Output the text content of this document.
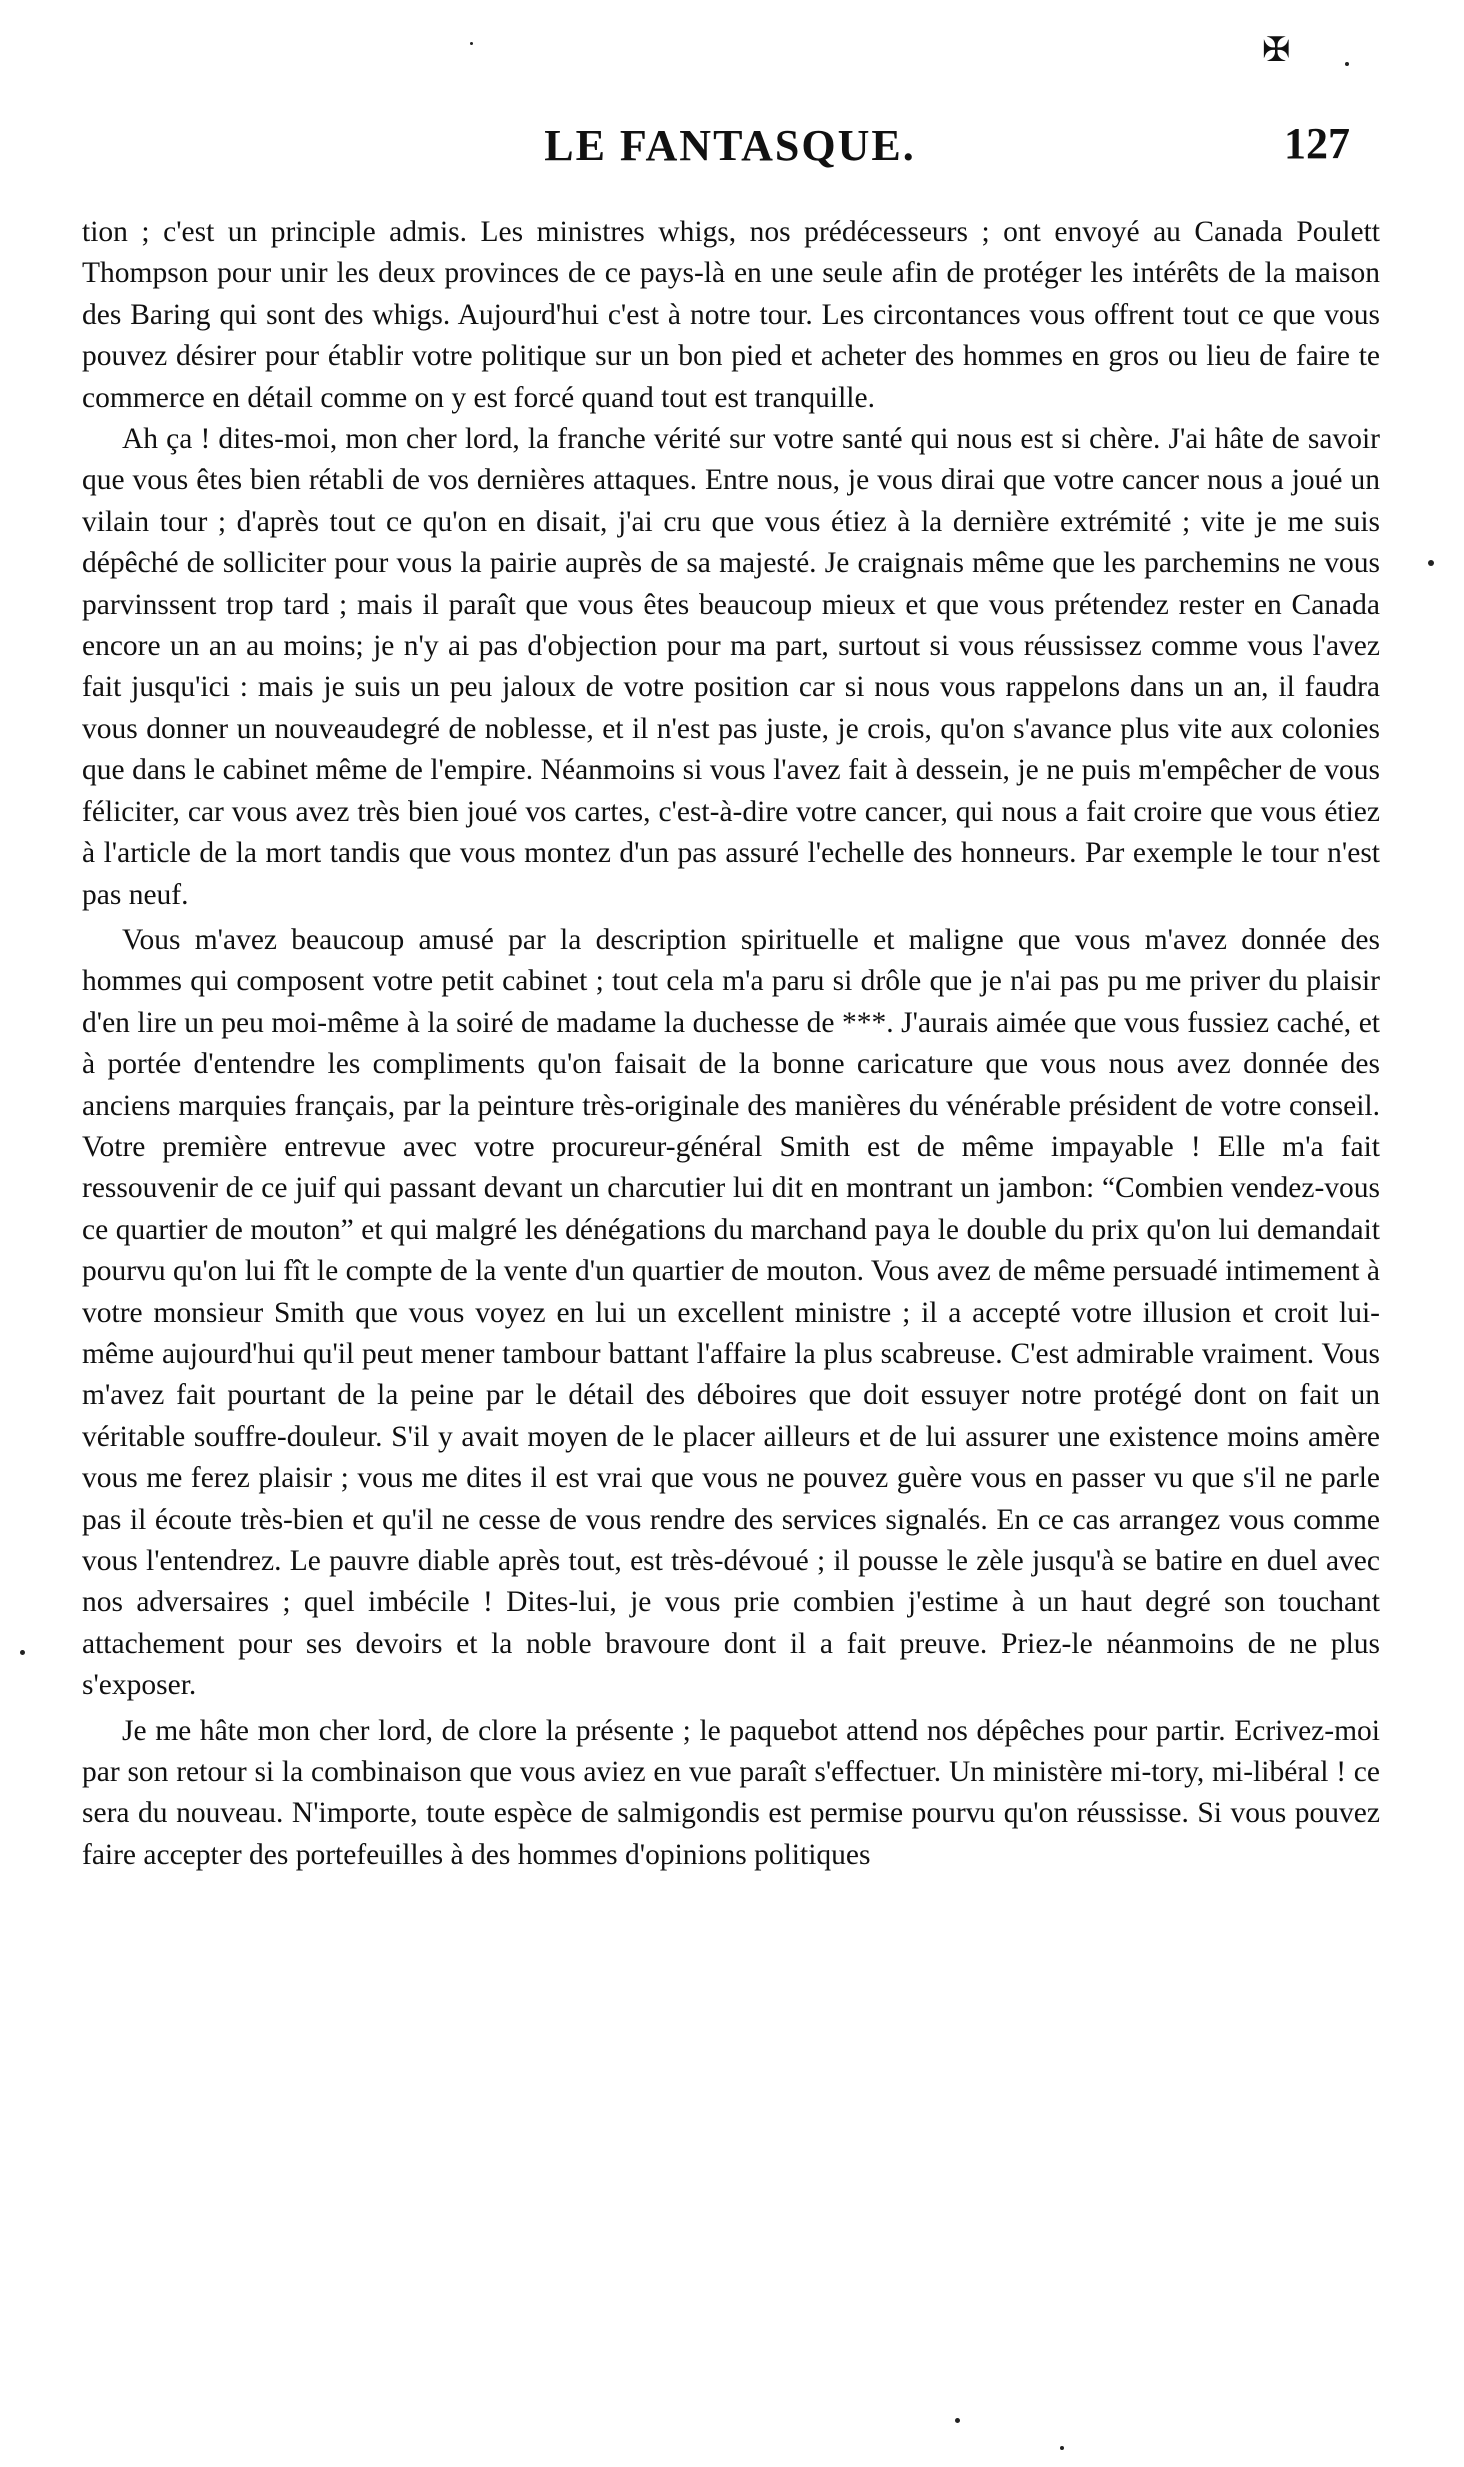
✠
LE FANTASQUE.	127

tion ; c'est un principle admis. Les ministres whigs, nos prédécesseurs ; ont envoyé au Canada Poulett Thompson pour unir les deux provinces de ce pays-là en une seule afin de protéger les intérêts de la maison des Baring qui sont des whigs. Aujourd'hui c'est à notre tour. Les circontances vous offrent tout ce que vous pouvez désirer pour établir votre politique sur un bon pied et acheter des hommes en gros ou lieu de faire te commerce en détail comme on y est forcé quand tout est tranquille.

Ah ça ! dites-moi, mon cher lord, la franche vérité sur votre santé qui nous est si chère. J'ai hâte de savoir que vous êtes bien rétabli de vos dernières attaques. Entre nous, je vous dirai que votre cancer nous a joué un vilain tour ; d'après tout ce qu'on en disait, j'ai cru que vous étiez à la dernière extrémité ; vite je me suis dépêché de solliciter pour vous la pairie auprès de sa majesté. Je craignais même que les parchemins ne vous parvinssent trop tard ; mais il paraît que vous êtes beaucoup mieux et que vous prétendez rester en Canada encore un an au moins; je n'y ai pas d'objection pour ma part, surtout si vous réussissez comme vous l'avez fait jusqu'ici : mais je suis un peu jaloux de votre position car si nous vous rappelons dans un an, il faudra vous donner un nouveaudegré de noblesse, et il n'est pas juste, je crois, qu'on s'avance plus vite aux colonies que dans le cabinet même de l'empire. Néanmoins si vous l'avez fait à dessein, je ne puis m'empêcher de vous féliciter, car vous avez très bien joué vos cartes, c'est-à-dire votre cancer, qui nous a fait croire que vous étiez à l'article de la mort tandis que vous montez d'un pas assuré l'echelle des honneurs. Par exemple le tour n'est pas neuf.

Vous m'avez beaucoup amusé par la description spirituelle et maligne que vous m'avez donnée des hommes qui composent votre petit cabinet ; tout cela m'a paru si drôle que je n'ai pas pu me priver du plaisir d'en lire un peu moi-même à la soiré de madame la duchesse de ***. J'aurais aimée que vous fussiez caché, et à portée d'entendre les compliments qu'on faisait de la bonne caricature que vous nous avez donnée des anciens marquies français, par la peinture très-originale des manières du vénérable président de votre conseil. Votre première entrevue avec votre procureur-général Smith est de même impayable ! Elle m'a fait ressouvenir de ce juif qui passant devant un charcutier lui dit en montrant un jambon: “Combien vendez-vous ce quartier de mouton” et qui malgré les dénégations du marchand paya le double du prix qu'on lui demandait pourvu qu'on lui fît le compte de la vente d'un quartier de mouton. Vous avez de même persuadé intimement à votre monsieur Smith que vous voyez en lui un excellent ministre ; il a accepté votre illusion et croit lui-même aujourd'hui qu'il peut mener tambour battant l'affaire la plus scabreuse. C'est admirable vraiment. Vous m'avez fait pourtant de la peine par le détail des déboires que doit essuyer notre protégé dont on fait un véritable souffre-douleur. S'il y avait moyen de le placer ailleurs et de lui assurer une existence moins amère vous me ferez plaisir ; vous me dites il est vrai que vous ne pouvez guère vous en passer vu que s'il ne parle pas il écoute très-bien et qu'il ne cesse de vous rendre des services signalés. En ce cas arrangez vous comme vous l'entendrez. Le pauvre diable après tout, est très-dévoué ; il pousse le zèle jusqu'à se batire en duel avec nos adversaires ; quel imbécile ! Dites-lui, je vous prie combien j'estime à un haut degré son touchant attachement pour ses devoirs et la noble bravoure dont il a fait preuve. Priez-le néanmoins de ne plus s'exposer.

Je me hâte mon cher lord, de clore la présente ; le paquebot attend nos dépêches pour partir. Ecrivez-moi par son retour si la combinaison que vous aviez en vue paraît s'effectuer. Un ministère mi-tory, mi-libéral ! ce sera du nouveau. N'importe, toute espèce de salmigondis est permise pourvu qu'on réussisse. Si vous pouvez faire accepter des portefeuilles à des hommes d'opinions politiques
